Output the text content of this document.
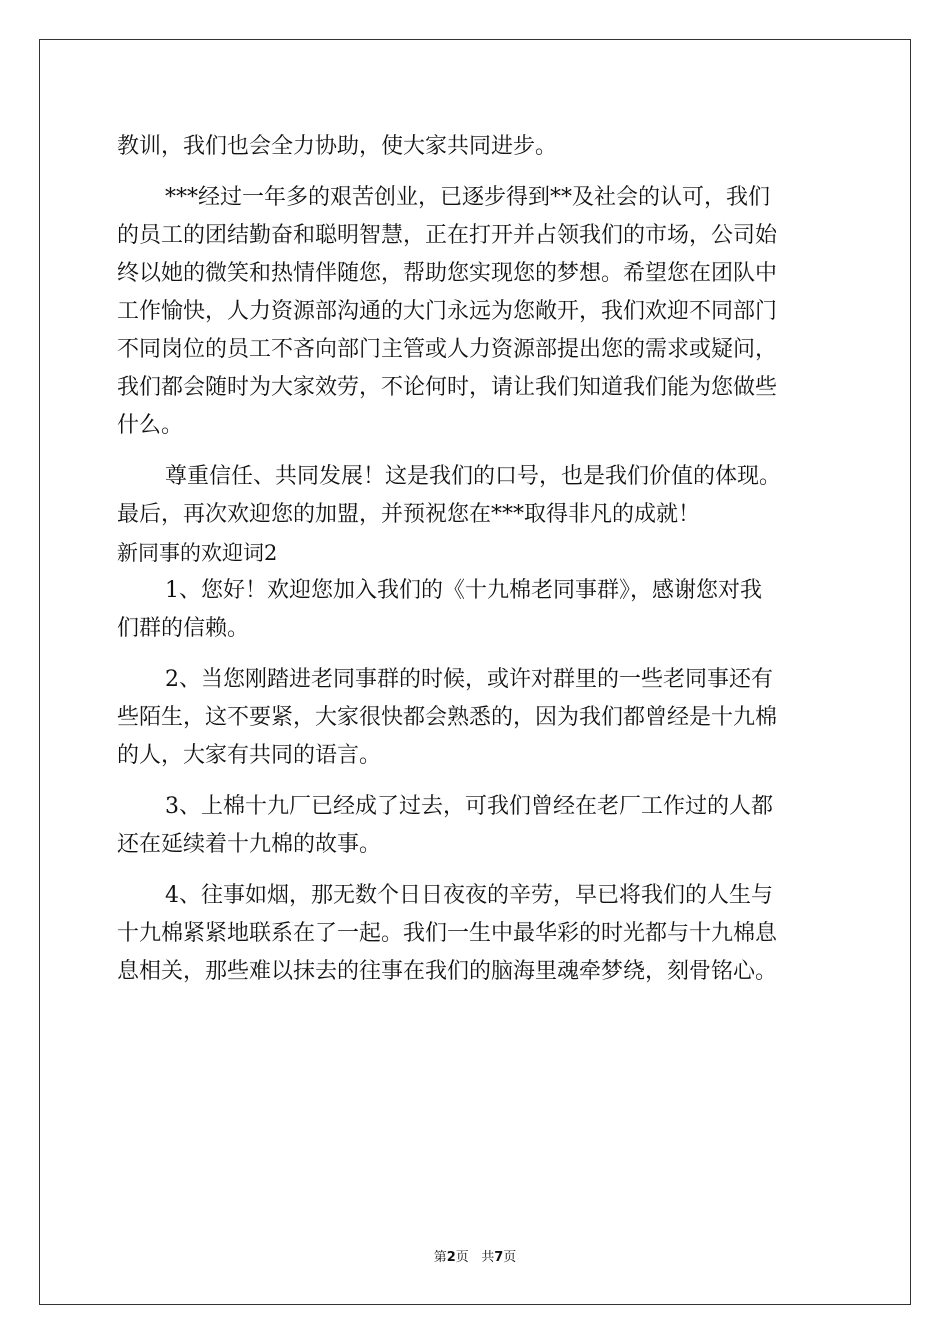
教训，我们也会全力协助，使大家共同进步。
***经过一年多的艰苦创业，已逐步得到**及社会的认可，我们
的员工的团结勤奋和聪明智慧，正在打开并占领我们的市场，公司始
终以她的微笑和热情伴随您，帮助您实现您的梦想。希望您在团队中
工作愉快，人力资源部沟通的大门永远为您敞开，我们欢迎不同部门
不同岗位的员工不吝向部门主管或人力资源部提出您的需求或疑问，
我们都会随时为大家效劳，不论何时，请让我们知道我们能为您做些
什么。
尊重信任、共同发展！这是我们的口号，也是我们价值的体现。
最后，再次欢迎您的加盟，并预祝您在***取得非凡的成就！
新同事的欢迎词2
1、您好！欢迎您加入我们的《十九棉老同事群》，感谢您对我
们群的信赖。
2、当您刚踏进老同事群的时候，或许对群里的一些老同事还有
些陌生，这不要紧，大家很快都会熟悉的，因为我们都曾经是十九棉
的人，大家有共同的语言。
3、上棉十九厂已经成了过去，可我们曾经在老厂工作过的人都
还在延续着十九棉的故事。
4、往事如烟，那无数个日日夜夜的辛劳，早已将我们的人生与
十九棉紧紧地联系在了一起。我们一生中最华彩的时光都与十九棉息
息相关，那些难以抹去的往事在我们的脑海里魂牵梦绕，刻骨铭心。
第2页 共7页
